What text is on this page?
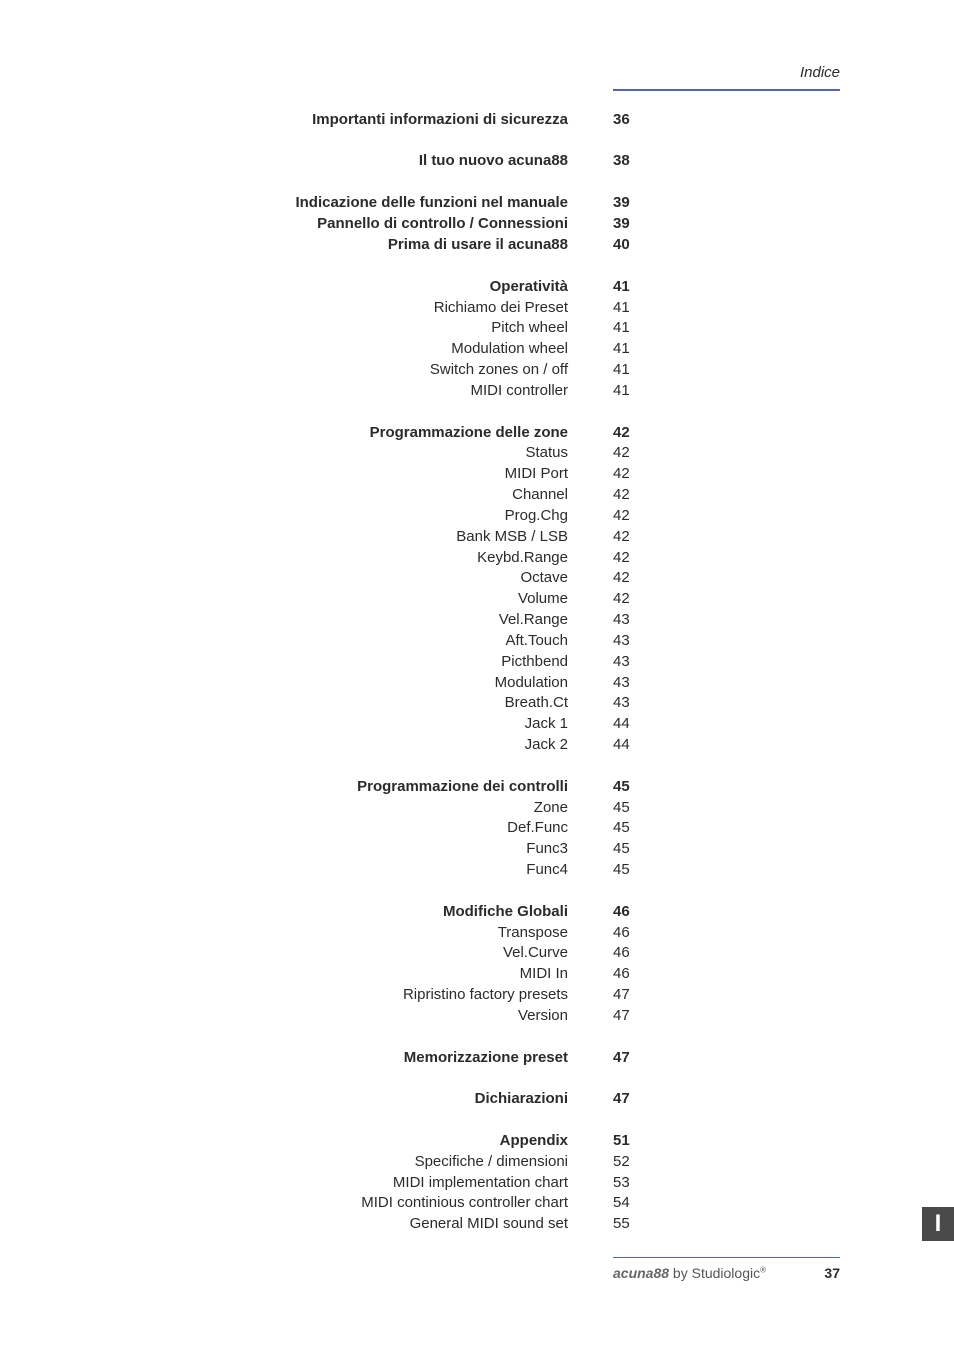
Indice
Importanti informazioni di sicurezza	36
Il tuo nuovo acuna88	38
Indicazione delle funzioni nel manuale	39
Pannello di controllo / Connessioni	39
Prima di usare il acuna88	40
Operatività	41
Richiamo dei Preset	41
Pitch wheel	41
Modulation wheel	41
Switch zones on / off	41
MIDI controller	41
Programmazione delle zone	42
Status	42
MIDI Port	42
Channel	42
Prog.Chg	42
Bank MSB / LSB	42
Keybd.Range	42
Octave	42
Volume	42
Vel.Range	43
Aft.Touch	43
Picthbend	43
Modulation	43
Breath.Ct	43
Jack 1	44
Jack 2	44
Programmazione dei controlli	45
Zone	45
Def.Func	45
Func3	45
Func4	45
Modifiche Globali	46
Transpose	46
Vel.Curve	46
MIDI In	46
Ripristino factory presets	47
Version	47
Memorizzazione preset	47
Dichiarazioni	47
Appendix	51
Specifiche / dimensioni	52
MIDI implementation chart	53
MIDI continious controller chart	54
General MIDI sound set	55
acuna88 by Studiologic®	37
I
